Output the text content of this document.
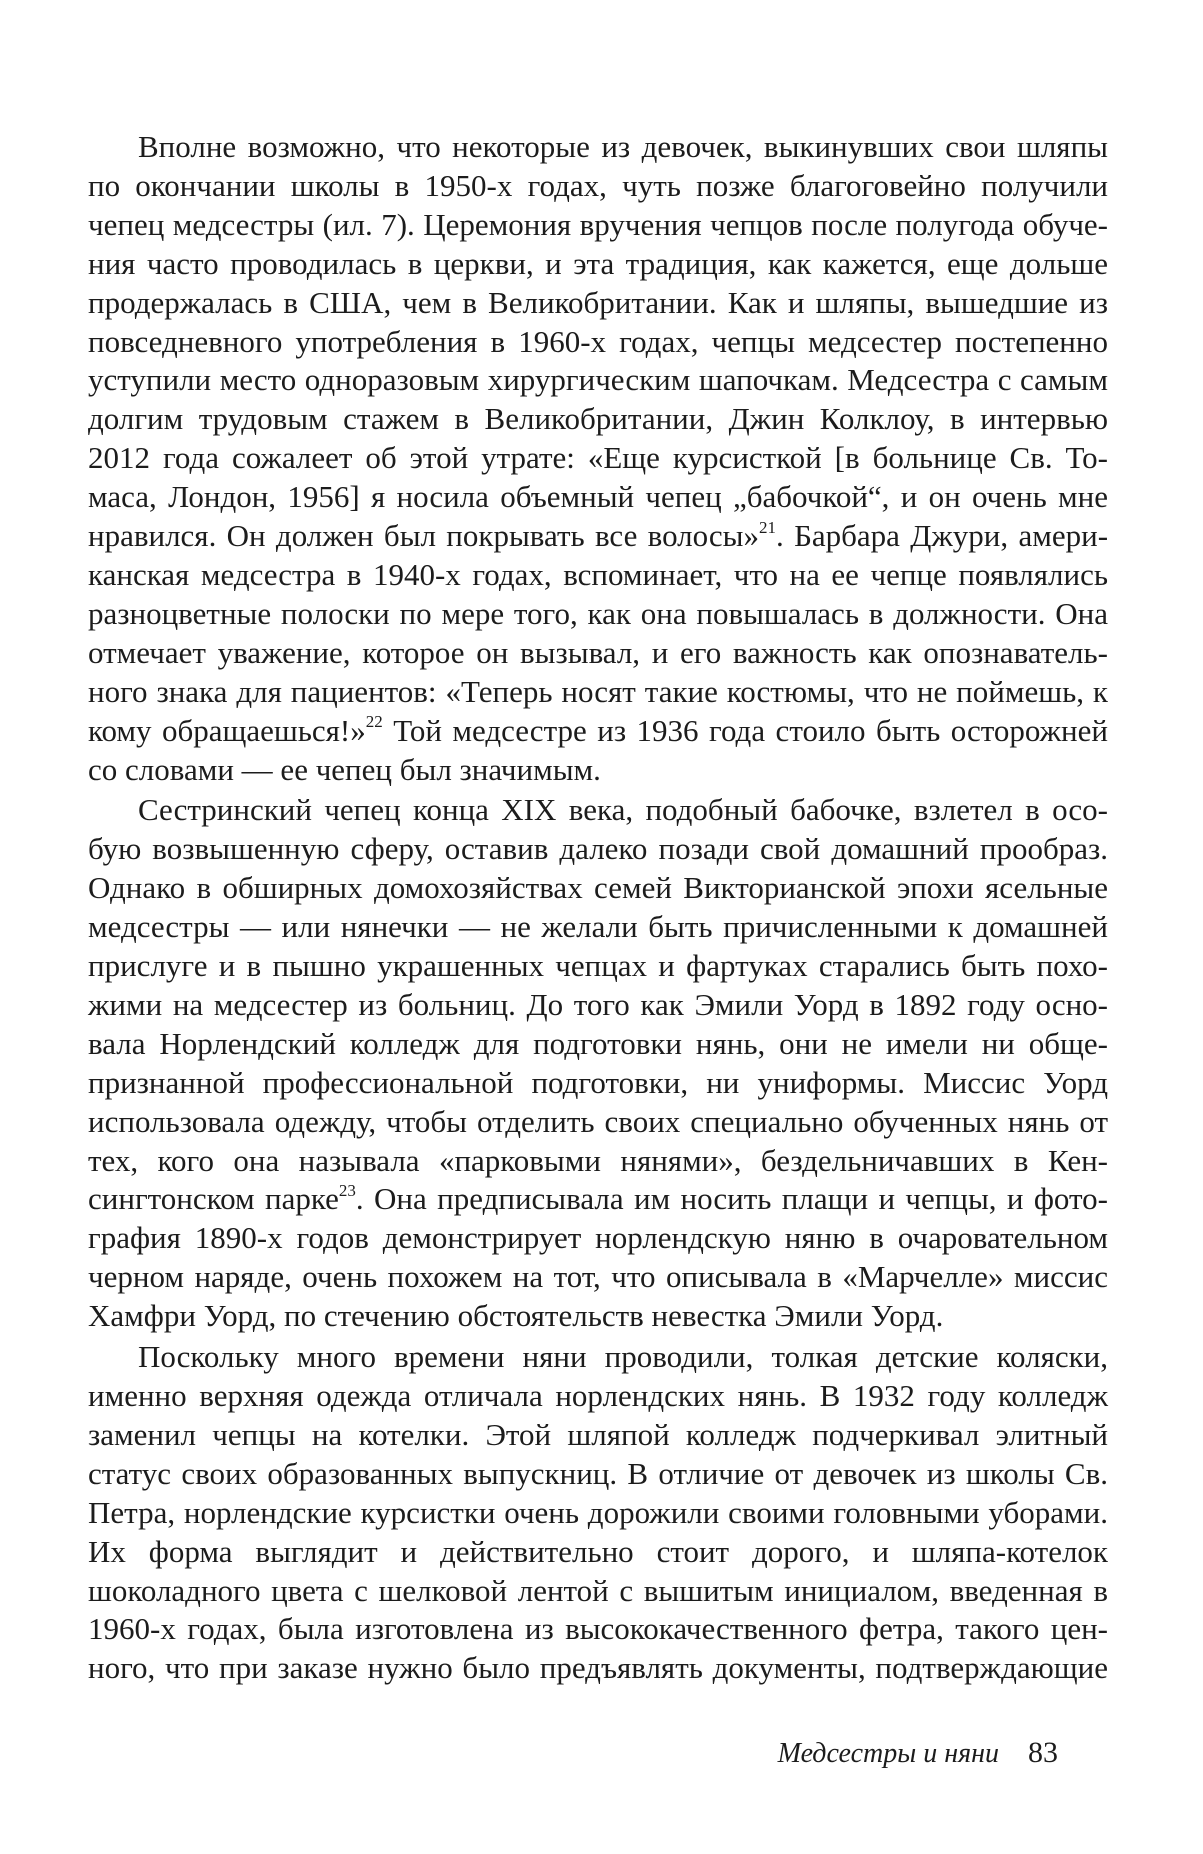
Вполне возможно, что некоторые из девочек, выкинувших свои шляпы по окончании школы в 1950-х годах, чуть позже благоговейно получили чепец медсестры (ил. 7). Церемония вручения чепцов после полугода обучения часто проводилась в церкви, и эта традиция, как кажется, еще дольше продержалась в США, чем в Великобритании. Как и шляпы, вышедшие из повседневного употребления в 1960-х годах, чепцы медсестер постепенно уступили место одноразовым хирургическим шапочкам. Медсестра с самым долгим трудовым стажем в Великобритании, Джин Колклоу, в интервью 2012 года сожалеет об этой утрате: «Еще курсисткой [в больнице Св. Томаса, Лондон, 1956] я носила объемный чепец „бабочкой“, и он очень мне нравился. Он должен был покрывать все волосы»$^{21}$. Барбара Джури, американская медсестра в 1940-х годах, вспоминает, что на ее чепце появлялись разноцветные полоски по мере того, как она повышалась в должности. Она отмечает уважение, которое он вызывал, и его важность как опознавательного знака для пациентов: «Теперь носят такие костюмы, что не поймешь, к кому обращаешься!»$^{22}$ Той медсестре из 1936 года стоило быть осторожней со словами — ее чепец был значимым.

Сестринский чепец конца XIX века, подобный бабочке, взлетел в особую возвышенную сферу, оставив далеко позади свой домашний прообраз. Однако в обширных домохозяйствах семей Викторианской эпохи ясельные медсестры — или нянечки — не желали быть причисленными к домашней прислуге и в пышно украшенных чепцах и фартуках старались быть похожими на медсестер из больниц. До того как Эмили Уорд в 1892 году основала Норлендский колледж для подготовки нянь, они не имели ни общепризнанной профессиональной подготовки, ни униформы. Миссис Уорд использовала одежду, чтобы отделить своих специально обученных нянь от тех, кого она называла «парковыми нянями», бездельничавших в Кенсингтонском парке$^{23}$. Она предписывала им носить плащи и чепцы, и фотография 1890-х годов демонстрирует норлендскую няню в очаровательном черном наряде, очень похожем на тот, что описывала в «Марчелле» миссис Хамфри Уорд, по стечению обстоятельств невестка Эмили Уорд.

Поскольку много времени няни проводили, толкая детские коляски, именно верхняя одежда отличала норлендских нянь. В 1932 году колледж заменил чепцы на котелки. Этой шляпой колледж подчеркивал элитный статус своих образованных выпускниц. В отличие от девочек из школы Св. Петра, норлендские курсистки очень дорожили своими головными уборами. Их форма выглядит и действительно стоит дорого, и шляпа-котелок шоколадного цвета с шелковой лентой с вышитым инициалом, введенная в 1960-х годах, была изготовлена из высококачественного фетра, такого ценного, что при заказе нужно было предъявлять документы, подтверждающие

Медсестры и няни 83
